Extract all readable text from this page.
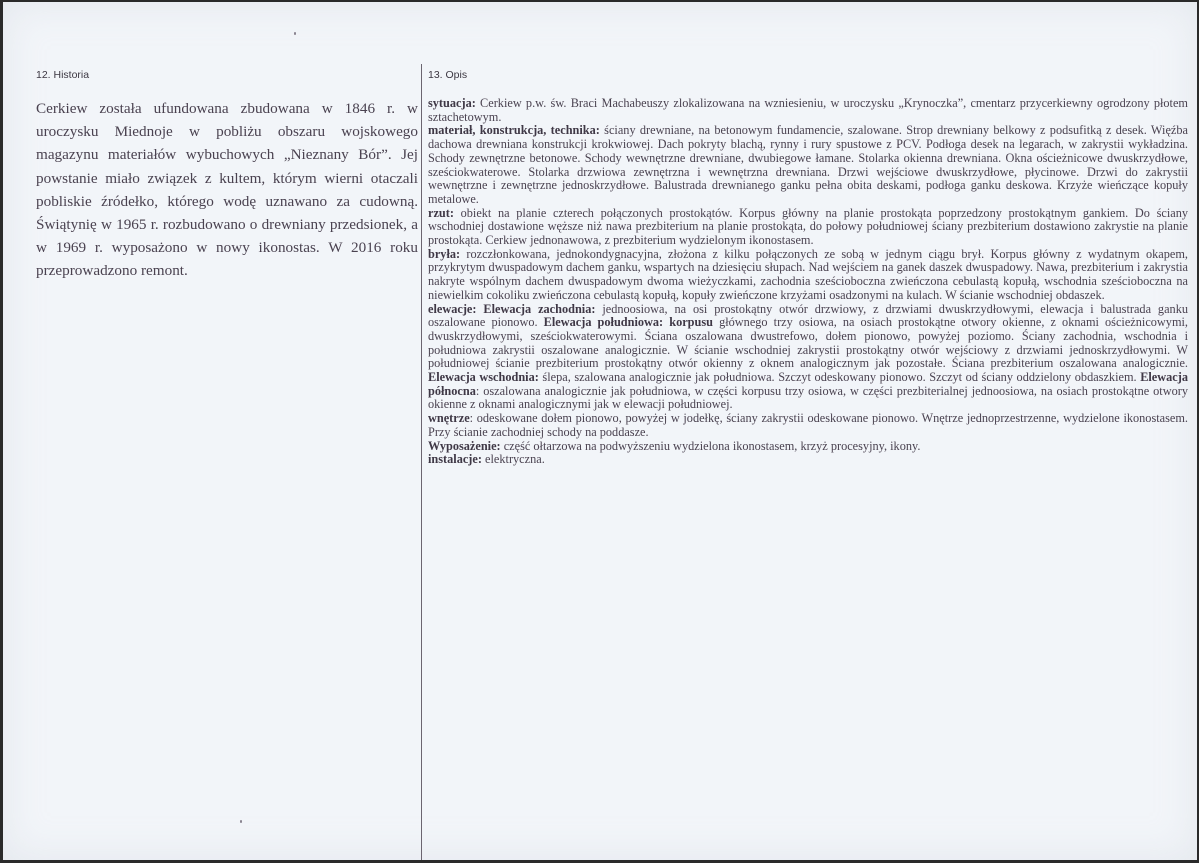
12. Historia

Cerkiew została ufundowana zbudowana w 1846 r. w uroczysku Miednoje w pobliżu obszaru wojskowego magazynu materiałów wybuchowych „Nieznany Bór”. Jej powstanie miało związek z kultem, którym wierni otaczali pobliskie źródełko, którego wodę uznawano za cudowną. Świątynię w 1965 r. rozbudowano o drewniany przedsionek, a w 1969 r. wyposażono w nowy ikonostas. W 2016 roku przeprowadzono remont.

13. Opis

sytuacja: Cerkiew p.w. św. Braci Machabeuszy zlokalizowana na wzniesieniu, w uroczysku „Krynoczka”, cmentarz przycerkiewny ogrodzony płotem sztachetowym.

materiał, konstrukcja, technika: ściany drewniane, na betonowym fundamencie, szalowane. Strop drewniany belkowy z podsufitką z desek. Więźba dachowa drewniana konstrukcji krokwiowej. Dach pokryty blachą, rynny i rury spustowe z PCV. Podłoga desek na legarach, w zakrystii wykładzina. Schody zewnętrzne betonowe. Schody wewnętrzne drewniane, dwubiegowe łamane. Stolarka okienna drewniana. Okna ościeżnicowe dwuskrzydłowe, sześciokwaterowe. Stolarka drzwiowa zewnętrzna i wewnętrzna drewniana. Drzwi wejściowe dwuskrzydłowe, płycinowe. Drzwi do zakrystii wewnętrzne i zewnętrzne jednoskrzydłowe. Balustrada drewnianego ganku pełna obita deskami, podłoga ganku deskowa. Krzyże wieńczące kopuły metalowe.

rzut: obiekt na planie czterech połączonych prostokątów. Korpus główny na planie prostokąta poprzedzony prostokątnym gankiem. Do ściany wschodniej dostawione węższe niż nawa prezbiterium na planie prostokąta, do połowy południowej ściany prezbiterium dostawiono zakrystie na planie prostokąta. Cerkiew jednonawowa, z prezbiterium wydzielonym ikonostasem.

bryła: rozczłonkowana, jednokondygnacyjna, złożona z kilku połączonych ze sobą w jednym ciągu brył. Korpus główny z wydatnym okapem, przykrytym dwuspadowym dachem ganku, wspartych na dziesięciu słupach. Nad wejściem na ganek daszek dwuspadowy. Nawa, prezbiterium i zakrystia nakryte wspólnym dachem dwuspadowym dwoma wieżyczkami, zachodnia sześcioboczna zwieńczona cebulastą kopułą, wschodnia sześcioboczna na niewielkim cokoliku zwieńczona cebulastą kopułą, kopuły zwieńczone krzyżami osadzonymi na kulach. W ścianie wschodniej obdaszek.

elewacje: Elewacja zachodnia: jednoosiowa, na osi prostokątny otwór drzwiowy, z drzwiami dwuskrzydłowymi, elewacja i balustrada ganku oszalowane pionowo. Elewacja południowa: korpusu głównego trzy osiowa, na osiach prostokątne otwory okienne, z oknami ościeżnicowymi, dwuskrzydłowymi, sześciokwaterowymi. Ściana oszalowana dwustrefowo, dołem pionowo, powyżej poziomo. Ściany zachodnia, wschodnia i południowa zakrystii oszalowane analogicznie. W ścianie wschodniej zakrystii prostokątny otwór wejściowy z drzwiami jednoskrzydłowymi. W południowej ścianie prezbiterium prostokątny otwór okienny z oknem analogicznym jak pozostałe. Ściana prezbiterium oszalowana analogicznie. Elewacja wschodnia: ślepa, szalowana analogicznie jak południowa. Szczyt odeskowany pionowo. Szczyt od ściany oddzielony obdaszkiem. Elewacja północna: oszalowana analogicznie jak południowa, w części korpusu trzy osiowa, w części prezbiterialnej jednoosiowa, na osiach prostokątne otwory okienne z oknami analogicznymi jak w elewacji południowej.

wnętrze: odeskowane dołem pionowo, powyżej w jodełkę, ściany zakrystii odeskowane pionowo. Wnętrze jednoprzestrzenne, wydzielone ikonostasem. Przy ścianie zachodniej schody na poddasze.

Wyposażenie: część ołtarzowa na podwyższeniu wydzielona ikonostasem, krzyż procesyjny, ikony.

instalacje: elektryczna.
